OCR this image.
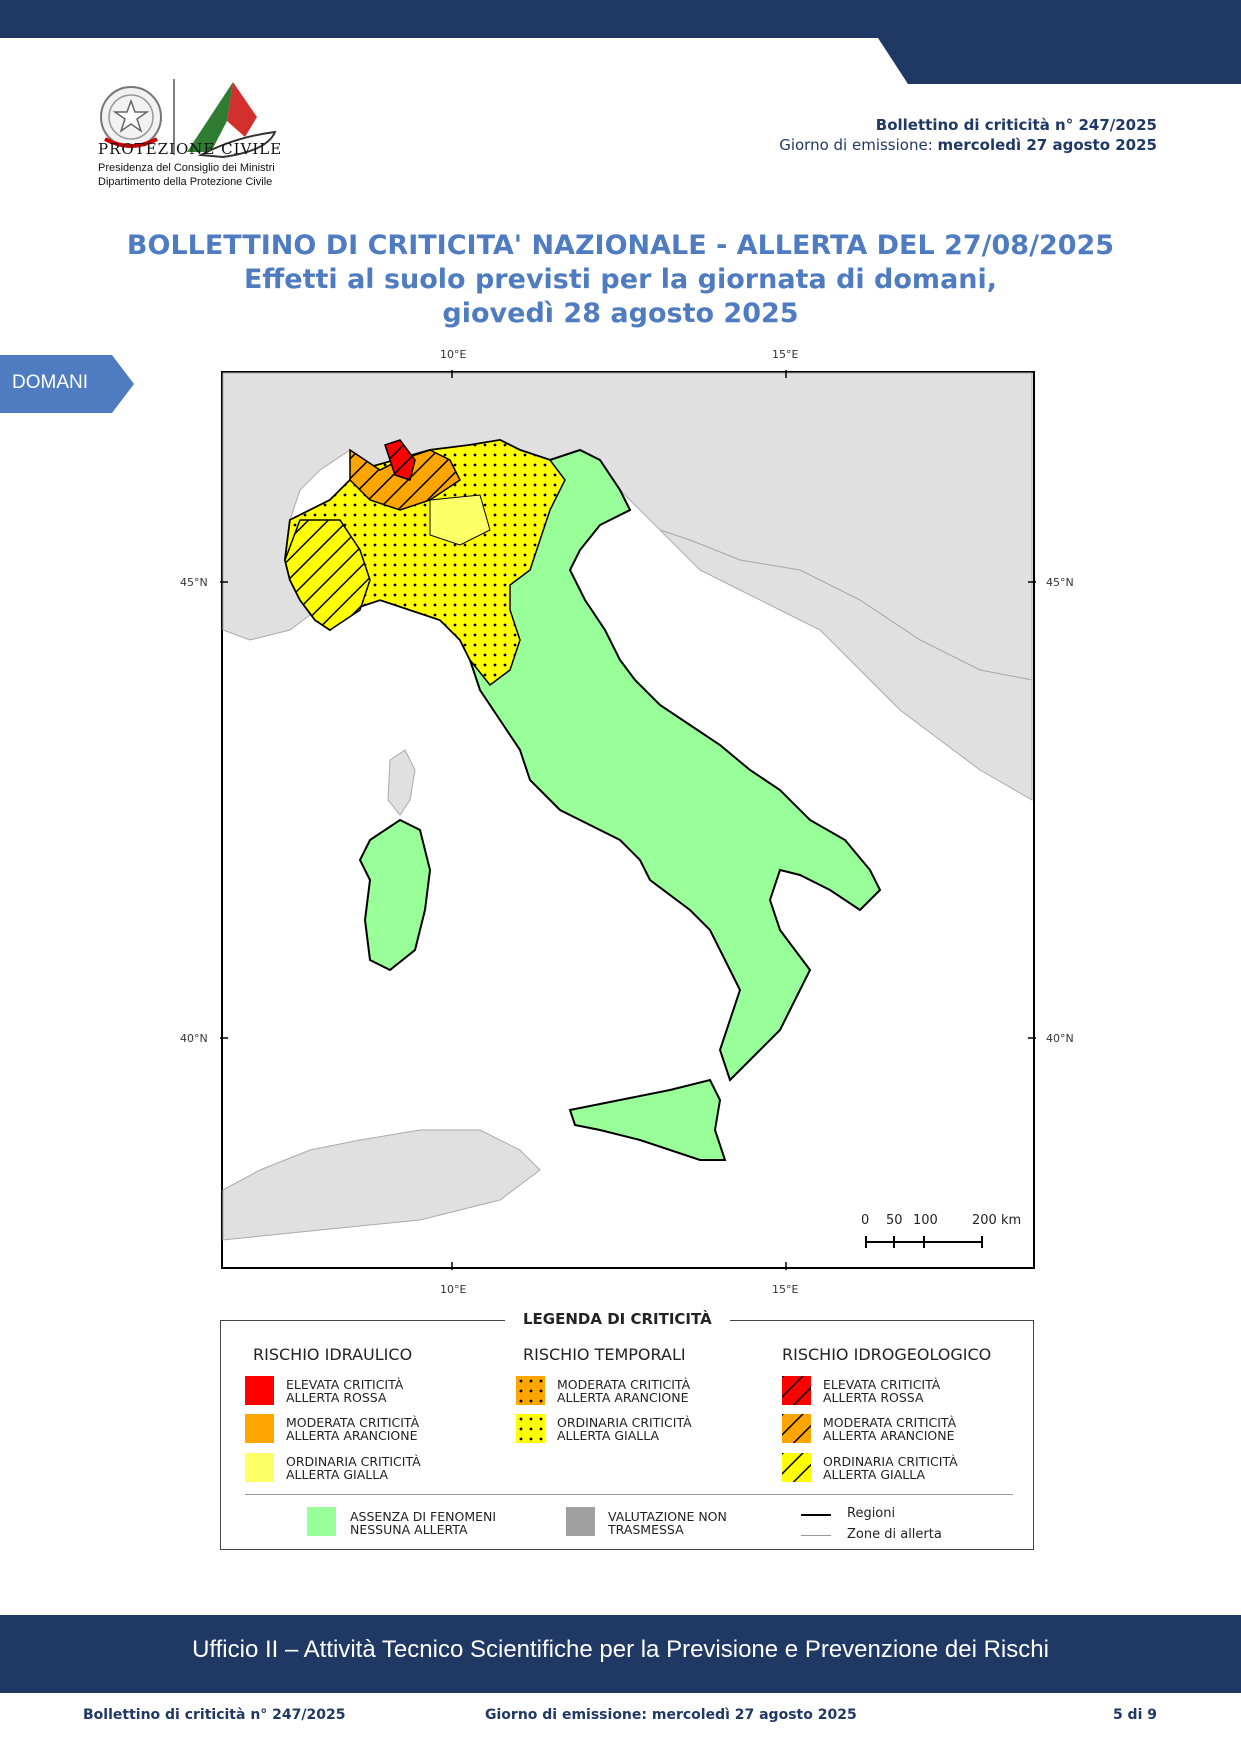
PROTEZIONE CIVILE
Presidenza del Consiglio dei Ministri
Dipartimento della Protezione Civile
Bollettino di criticità n° 247/2025
Giorno di emissione: mercoledì 27 agosto 2025
BOLLETTINO DI CRITICITA' NAZIONALE - ALLERTA DEL 27/08/2025
Effetti al suolo previsti per la giornata di domani,
giovedì 28 agosto 2025
DOMANI
10°E	15°E
10°E	15°E
45°N
40°N
45°N
40°N
0 50 100	200 km
LEGENDA DI CRITICITÀ
RISCHIO IDRAULICO	RISCHIO TEMPORALI	RISCHIO IDROGEOLOGICO
ELEVATA CRITICITÀ
ALLERTA ROSSA
MODERATA CRITICITÀ
ALLERTA ARANCIONE
ORDINARIA CRITICITÀ
ALLERTA GIALLA
MODERATA CRITICITÀ
ALLERTA ARANCIONE
ORDINARIA CRITICITÀ
ALLERTA GIALLA
ELEVATA CRITICITÀ
ALLERTA ROSSA
MODERATA CRITICITÀ
ALLERTA ARANCIONE
ORDINARIA CRITICITÀ
ALLERTA GIALLA
ASSENZA DI FENOMENI
NESSUNA ALLERTA
VALUTAZIONE NON
TRASMESSA
Regioni
Zone di allerta
Ufficio II – Attività Tecnico Scientifiche per la Previsione e Prevenzione dei Rischi
Bollettino di criticità n° 247/2025	Giorno di emissione: mercoledì 27 agosto 2025	5 di 9
